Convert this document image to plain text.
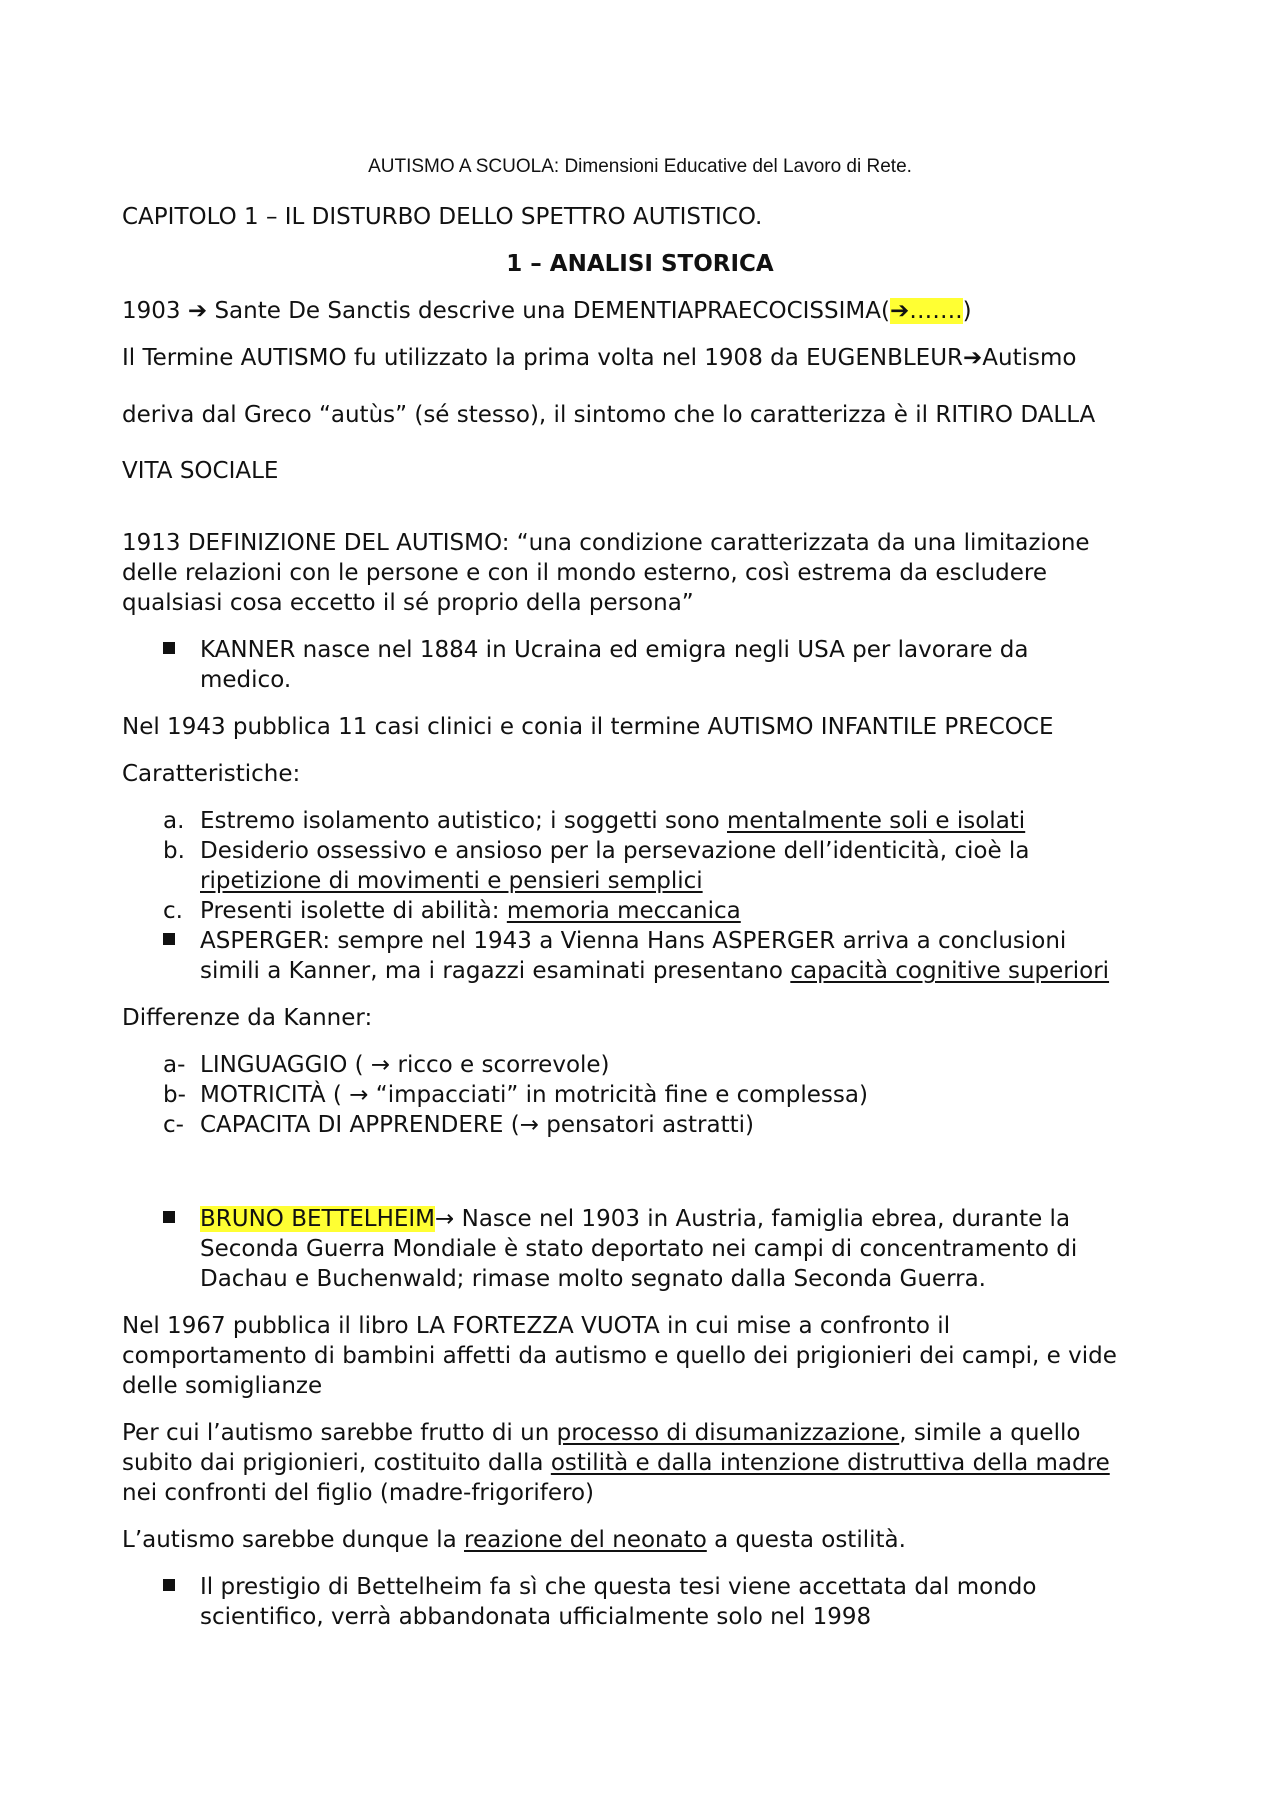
AUTISMO A SCUOLA: Dimensioni Educative del Lavoro di Rete.
CAPITOLO 1 – IL DISTURBO DELLO SPETTRO AUTISTICO.
1 – ANALISI STORICA
1903 ➔ Sante De Sanctis descrive una DEMENTIAPRAECOCISSIMA(➔…….)
Il Termine AUTISMO fu utilizzato la prima volta nel 1908 da EUGENBLEUR➔Autismo
deriva dal Greco “autùs” (sé stesso), il sintomo che lo caratterizza è il RITIRO DALLA
VITA SOCIALE
1913 DEFINIZIONE DEL AUTISMO: “una condizione caratterizzata da una limitazione
delle relazioni con le persone e con il mondo esterno, così estrema da escludere
qualsiasi cosa eccetto il sé proprio della persona”
KANNER nasce nel 1884 in Ucraina ed emigra negli USA per lavorare da
medico.
Nel 1943 pubblica 11 casi clinici e conia il termine AUTISMO INFANTILE PRECOCE
Caratteristiche:
a. Estremo isolamento autistico; i soggetti sono mentalmente soli e isolati
b. Desiderio ossessivo e ansioso per la persevazione dell’identicità, cioè la
ripetizione di movimenti e pensieri semplici
c. Presenti isolette di abilità: memoria meccanica
ASPERGER: sempre nel 1943 a Vienna Hans ASPERGER arriva a conclusioni
simili a Kanner, ma i ragazzi esaminati presentano capacità cognitive superiori
Differenze da Kanner:
a- LINGUAGGIO ( → ricco e scorrevole)
b- MOTRICITÀ ( → “impacciati” in motricità fine e complessa)
c- CAPACITA DI APPRENDERE (→ pensatori astratti)
BRUNO BETTELHEIM→ Nasce nel 1903 in Austria, famiglia ebrea, durante la
Seconda Guerra Mondiale è stato deportato nei campi di concentramento di
Dachau e Buchenwald; rimase molto segnato dalla Seconda Guerra.
Nel 1967 pubblica il libro LA FORTEZZA VUOTA in cui mise a confronto il
comportamento di bambini affetti da autismo e quello dei prigionieri dei campi, e vide
delle somiglianze
Per cui l’autismo sarebbe frutto di un processo di disumanizzazione, simile a quello
subito dai prigionieri, costituito dalla ostilità e dalla intenzione distruttiva della madre
nei confronti del figlio (madre-frigorifero)
L’autismo sarebbe dunque la reazione del neonato a questa ostilità.
Il prestigio di Bettelheim fa sì che questa tesi viene accettata dal mondo
scientifico, verrà abbandonata ufficialmente solo nel 1998
